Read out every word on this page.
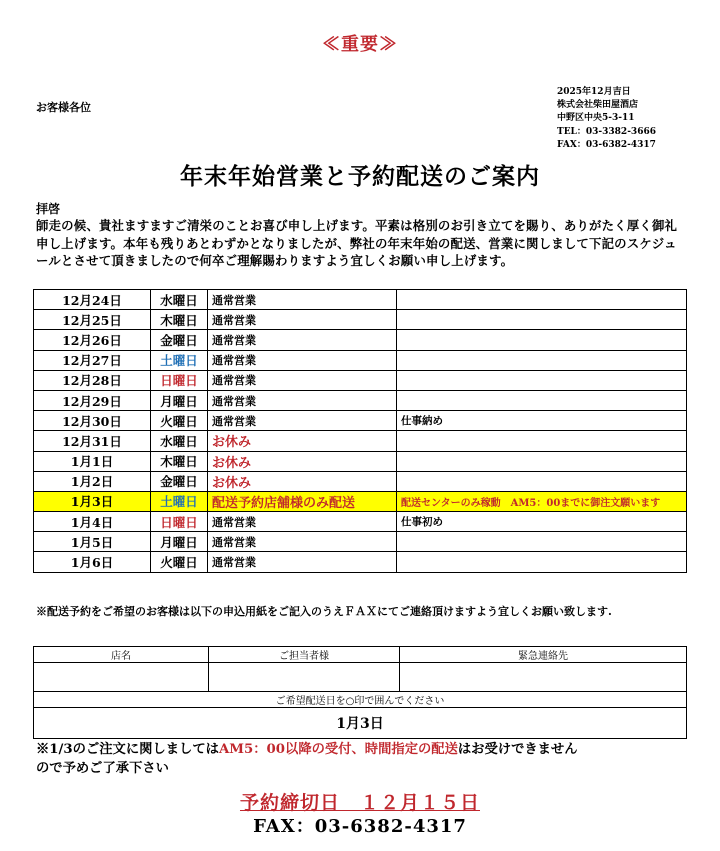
≪重要≫
お客様各位
2025年12月吉日
株式会社柴田屋酒店
中野区中央5-3-11
TEL：03-3382-3666
FAX：03-6382-4317
年末年始営業と予約配送のご案内
拝啓
師走の候、貴社ますますご清栄のことお喜び申し上げます。平素は格別のお引き立てを賜り、ありがたく厚く御礼申し上げます。本年も残りあとわずかとなりましたが、弊社の年末年始の配送、営業に関しまして下記のスケジュールとさせて頂きましたので何卒ご理解賜わりますよう宜しくお願い申し上げます。
12月24日	水曜日	通常営業	
12月25日	木曜日	通常営業	
12月26日	金曜日	通常営業	
12月27日	土曜日	通常営業	
12月28日	日曜日	通常営業	
12月29日	月曜日	通常営業	
12月30日	火曜日	通常営業	仕事納め
12月31日	水曜日	お休み	
1月1日	木曜日	お休み	
1月2日	金曜日	お休み	
1月3日	土曜日	配送予約店舗様のみ配送	配送センターのみ稼動　AM5：00までに御注文願います
1月4日	日曜日	通常営業	仕事初め
1月5日	月曜日	通常営業	
1月6日	火曜日	通常営業	
※配送予約をご希望のお客様は以下の申込用紙をご記入のうえＦＡＸにてご連絡頂けますよう宜しくお願い致します.
店名	ご担当者様	緊急連絡先

ご希望配送日を○印で囲んでください		
1月3日		
※1/3のご注文に関しましてはAM5：00以降の受付、時間指定の配送はお受けできません
ので予めご了承下さい
予約締切日　１２月１５日
FAX：03-6382-4317
